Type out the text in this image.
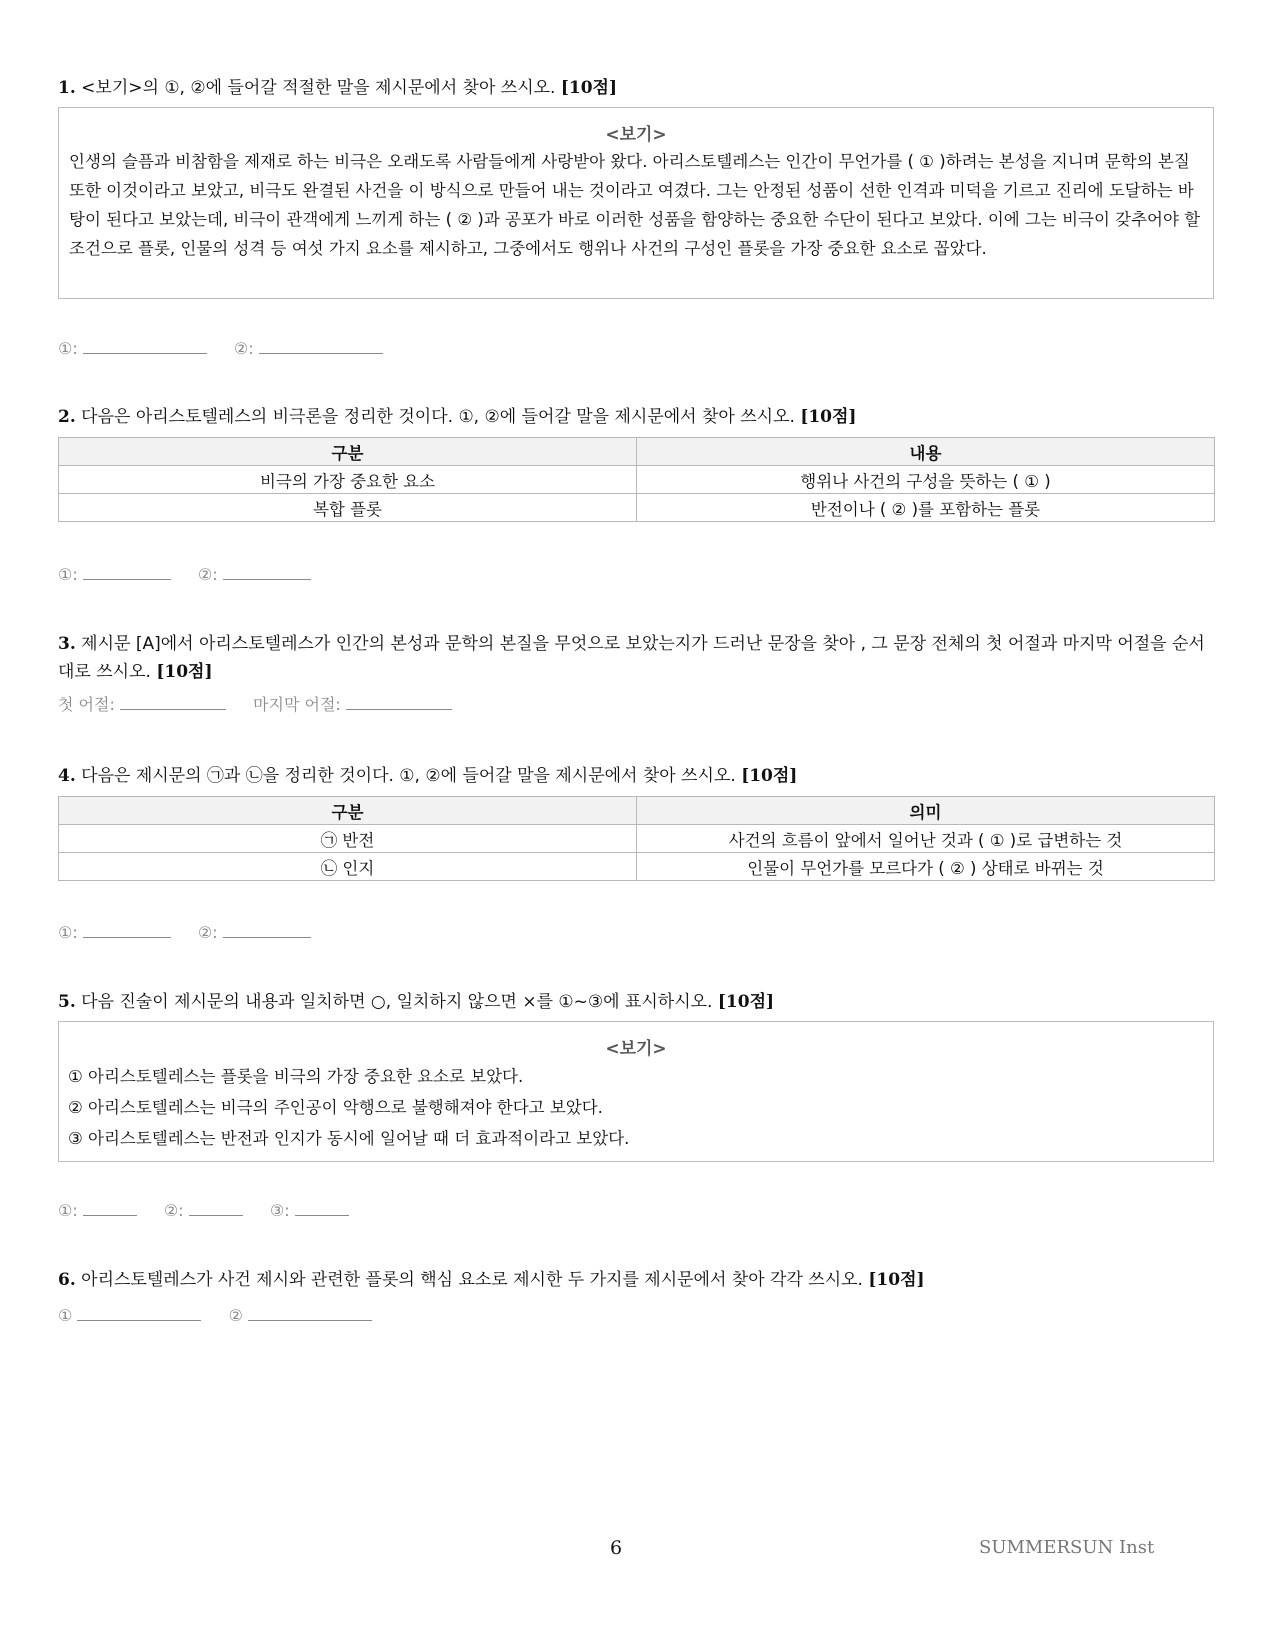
1. <보기>의 ①, ②에 들어갈 적절한 말을 제시문에서 찾아 쓰시오. [10점]
<보기>
인생의 슬픔과 비참함을 제재로 하는 비극은 오래도록 사람들에게 사랑받아 왔다. 아리스토텔레스는 인간이 무언가를 ( ① )하려는 본성을 지니며 문학의 본질 또한 이것이라고 보았고, 비극도 완결된 사건을 이 방식으로 만들어 내는 것이라고 여겼다. 그는 안정된 성품이 선한 인격과 미덕을 기르고 진리에 도달하는 바탕이 된다고 보았는데, 비극이 관객에게 느끼게 하는 ( ② )과 공포가 바로 이러한 성품을 함양하는 중요한 수단이 된다고 보았다. 이에 그는 비극이 갖추어야 할 조건으로 플롯, 인물의 성격 등 여섯 가지 요소를 제시하고, 그중에서도 행위나 사건의 구성인 플롯을 가장 중요한 요소로 꼽았다.
①:	②:
2. 다음은 아리스토텔레스의 비극론을 정리한 것이다. ①, ②에 들어갈 말을 제시문에서 찾아 쓰시오. [10점]
구분	내용
비극의 가장 중요한 요소	행위나 사건의 구성을 뜻하는 ( ① )
복합 플롯	반전이나 ( ② )를 포함하는 플롯
①:	②:
3. 제시문 [A]에서 아리스토텔레스가 인간의 본성과 문학의 본질을 무엇으로 보았는지가 드러난 문장을 찾아 , 그 문장 전체의 첫 어절과 마지막 어절을 순서대로 쓰시오. [10점]
첫 어절:	마지막 어절:
4. 다음은 제시문의 ㉠과 ㉡을 정리한 것이다. ①, ②에 들어갈 말을 제시문에서 찾아 쓰시오. [10점]
구분	의미
㉠ 반전	사건의 흐름이 앞에서 일어난 것과 ( ① )로 급변하는 것
㉡ 인지	인물이 무언가를 모르다가 ( ② ) 상태로 바뀌는 것
①:	②:
5. 다음 진술이 제시문의 내용과 일치하면 ○, 일치하지 않으면 ×를 ①~③에 표시하시오. [10점]
<보기>
① 아리스토텔레스는 플롯을 비극의 가장 중요한 요소로 보았다.
② 아리스토텔레스는 비극의 주인공이 악행으로 불행해져야 한다고 보았다.
③ 아리스토텔레스는 반전과 인지가 동시에 일어날 때 더 효과적이라고 보았다.
①:	②:	③:
6. 아리스토텔레스가 사건 제시와 관련한 플롯의 핵심 요소로 제시한 두 가지를 제시문에서 찾아 각각 쓰시오. [10점]
①	②
6	SUMMERSUN Inst
